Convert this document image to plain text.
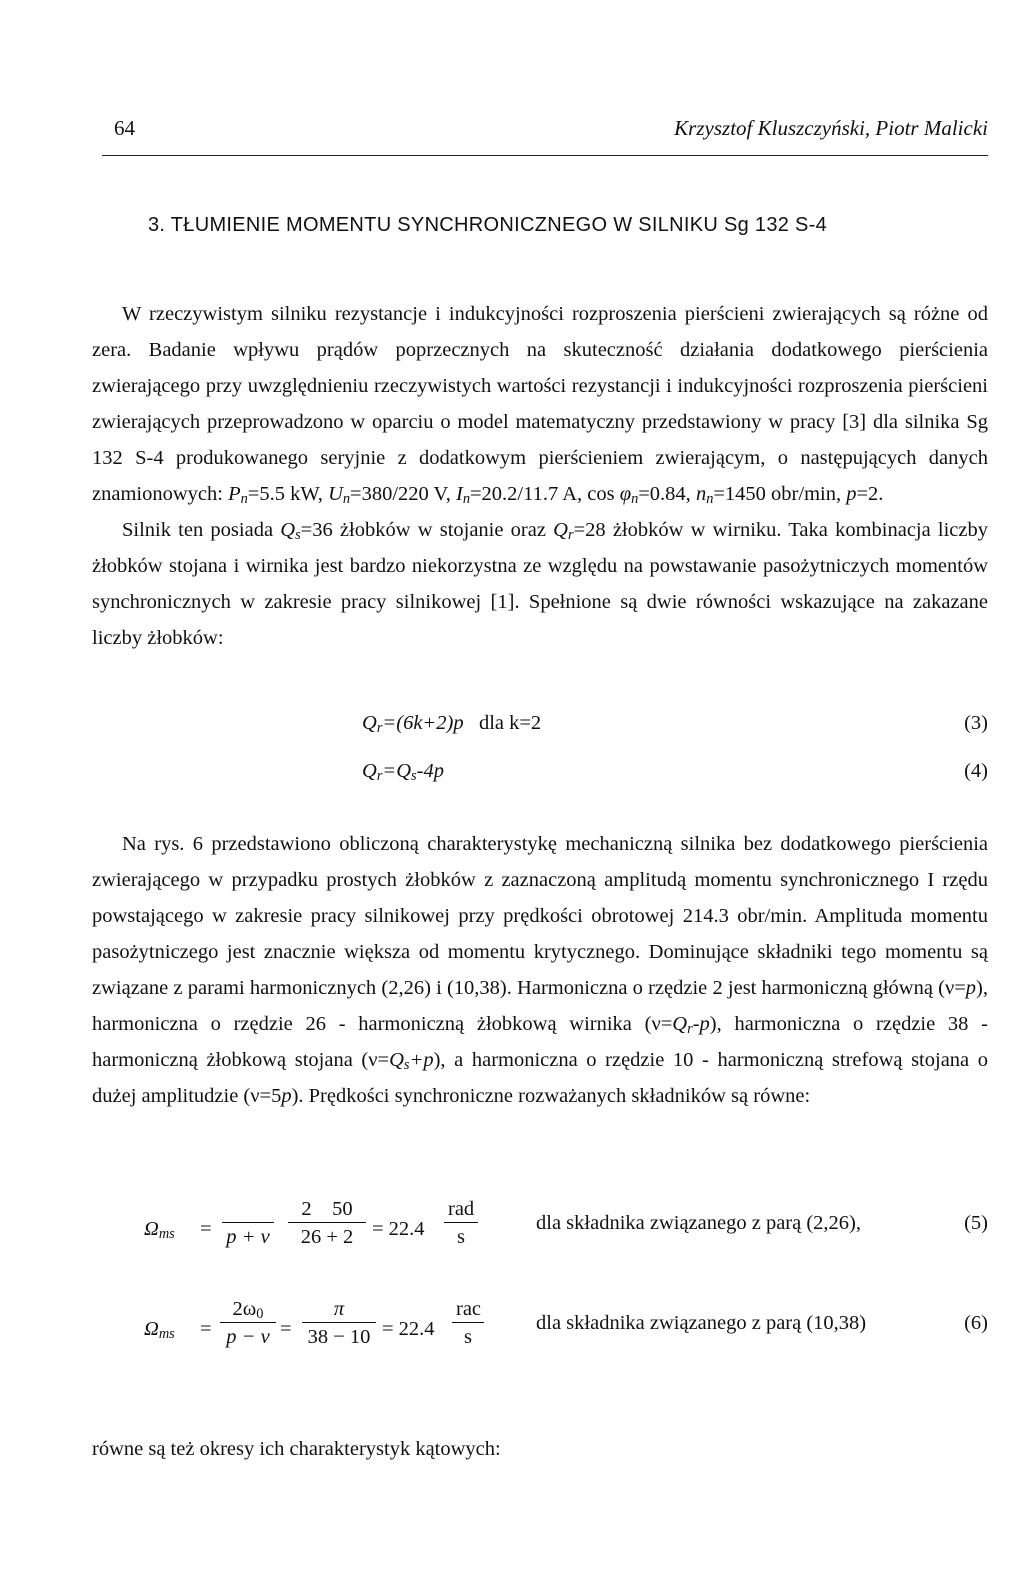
64	Krzysztof Kluszczyński, Piotr Malicki
3. TŁUMIENIE MOMENTU SYNCHRONICZNEGO W SILNIKU Sg 132 S-4

W rzeczywistym silniku rezystancje i indukcyjności rozproszenia pierścieni zwierających są różne od zera. Badanie wpływu prądów poprzecznych na skuteczność działania dodatkowego pierścienia zwierającego przy uwzględnieniu rzeczywistych wartości rezystancji i indukcyjności rozproszenia pierścieni zwierających przeprowadzono w oparciu o model matematyczny przedstawiony w pracy [3] dla silnika Sg 132 S-4 produkowanego seryjnie z dodatkowym pierścieniem zwierającym, o następujących danych znamionowych: $P_n=5.5$ kW, $U_n=380/220$ V, $I_n=20.2/11.7$ A, $\cos \varphi_n=0.84$, $n_n=1450$ obr/min, p=2.

Silnik ten posiada $Q_s=36$ żłobków w stojanie oraz $Q_r=28$ żłobków w wirniku. Taka kombinacja liczby żłobków stojana i wirnika jest bardzo niekorzystna ze względu na powstawanie pasożytniczych momentów synchronicznych w zakresie pracy silnikowej [1]. Spełnione są dwie równości wskazujące na zakazane liczby żłobków:

$Q_r=(6k+2)p$ dla k=2	(3)
$Q_r=Q_s-4p$	(4)

Na rys. 6 przedstawiono obliczoną charakterystykę mechaniczną silnika bez dodatkowego pierścienia zwierającego w przypadku prostych żłobków z zaznaczoną amplitudą momentu synchronicznego I rzędu powstającego w zakresie pracy silnikowej przy prędkości obrotowej 214.3 obr/min. Amplituda momentu pasożytniczego jest znacznie większa od momentu krytycznego. Dominujące składniki tego momentu są związane z parami harmonicznych (2,26) i (10,38). Harmoniczna o rzędzie 2 jest harmoniczną główną (ν=p), harmoniczna o rzędzie 26 - harmoniczną żłobkową wirnika $(\nu=Q_r-p)$, harmoniczna o rzędzie 38 - harmoniczną żłobkową stojana $(\nu=Q_s+p)$, a harmoniczna o rzędzie 10 - harmoniczną strefową stojana o dużej amplitudzie (ν=5p). Prędkości synchroniczne rozważanych składników są równe:

$\Omega_{ms} = p + \nu \frac{2 50}{26 + 2} = 22.4$
rad
s
dla składnika związanego z parą (2,26),	(5)
$\Omega_{ms} = \frac{2\omega_0}{p - \nu} = \frac{\pi}{38 - 10} = 22.4$
rac
s
dla składnika związanego z parą (10,38)	(6)
równe są też okresy ich charakterystyk kątowych:
